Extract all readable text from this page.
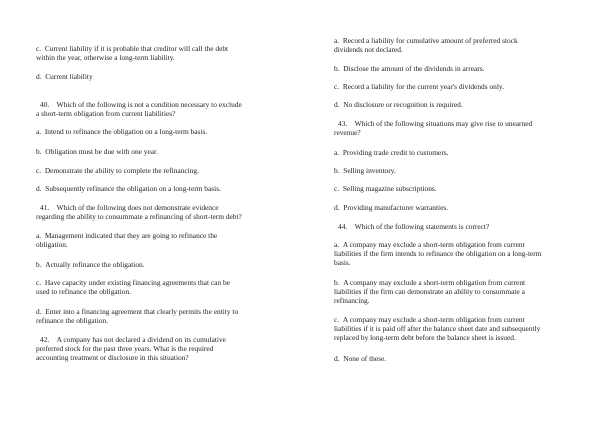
c. Current liability if it is probable that creditor will call the debt
within the year, otherwise a long-term liability.

d. Current liability

40. Which of the following is not a condition necessary to exclude
a short-term obligation from current liabilities?

a. Intend to refinance the obligation on a long-term basis.

b. Obligation must be due with one year.

c. Demonstrate the ability to complete the refinancing.

d. Subsequently refinance the obligation on a long-term basis.

41. Which of the following does not demonstrate evidence
regarding the ability to consummate a refinancing of short-term debt?

a. Management indicated that they are going to refinance the
obligation.

b. Actually refinance the obligation.

c. Have capacity under existing financing agreements that can be
used to refinance the obligation.

d. Enter into a financing agreement that clearly permits the entity to
refinance the obligation.

42. A company has not declared a dividend on its cumulative
preferred stock for the past three years. What is the required
accounting treatment or disclosure in this situation?

a. Record a liability for cumulative amount of preferred stock
dividends not declared.

b. Disclose the amount of the dividends in arrears.

c. Record a liability for the current year's dividends only.

d. No disclosure or recognition is required.

43. Which of the following situations may give rise to unearned
revenue?

a. Providing trade credit to customers.

b. Selling inventory.

c. Selling magazine subscriptions.

d. Providing manufacturer warranties.

44. Which of the following statements is correct?

a. A company may exclude a short-term obligation from current
liabilities if the firm intends to refinance the obligation on a long-term
basis.

b. A company may exclude a short-term obligation from current
liabilities if the firm can demonstrate an ability to consummate a
refinancing.

c. A company may exclude a short-term obligation from current
liabilities if it is paid off after the balance sheet date and subsequently
replaced by long-term debt before the balance sheet is issued.

d. None of these.
